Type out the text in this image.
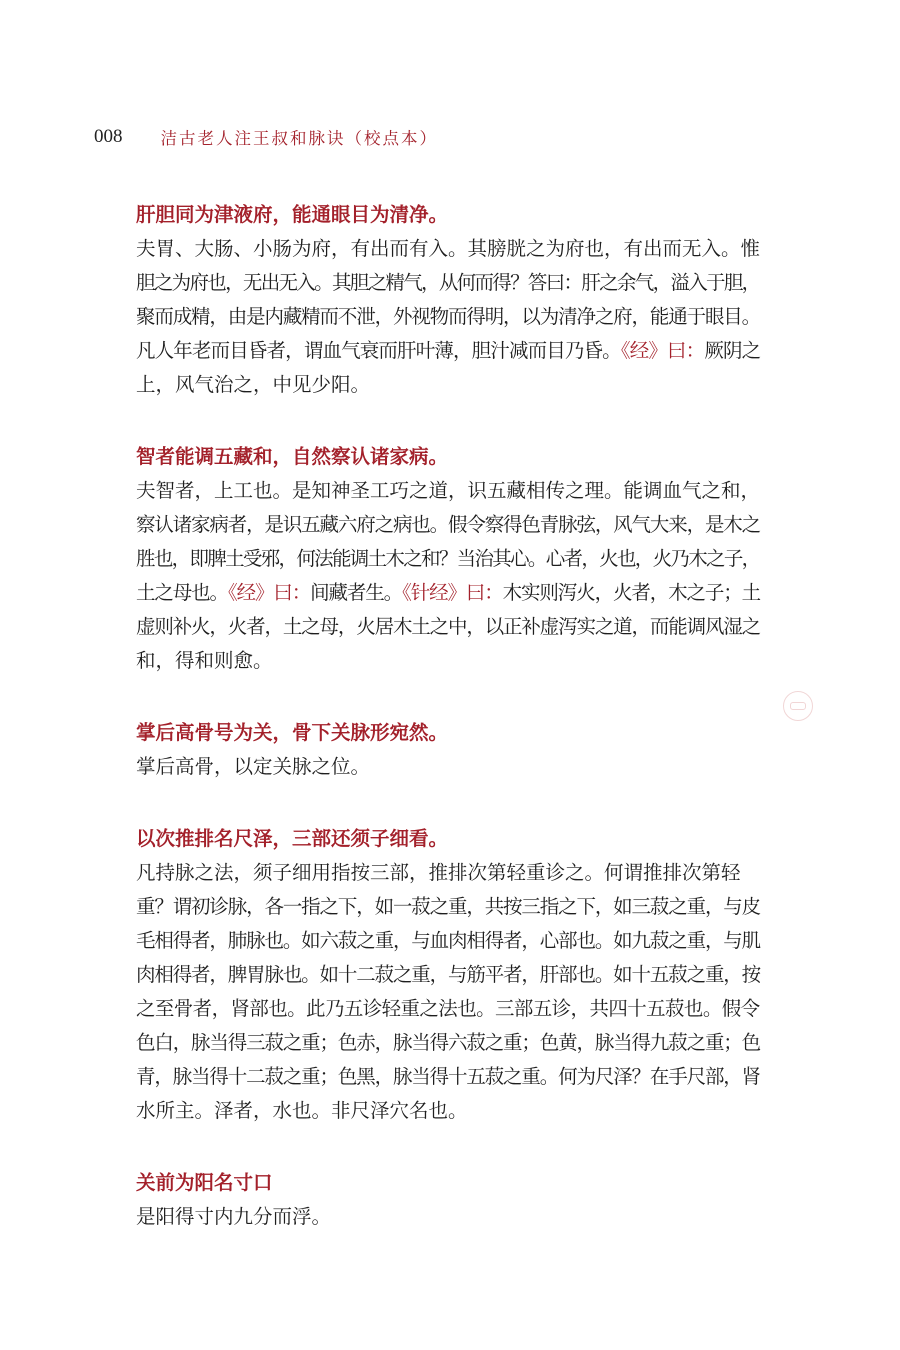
008 洁古老人注王叔和脉诀（校点本）
肝胆同为津液府，能通眼目为清净。
夫胃、大肠、小肠为府，有出而有入。其膀胱之为府也，有出而无入。惟
胆之为府也，无出无入。其胆之精气，从何而得？答曰：肝之余气，溢入于胆，
聚而成精，由是内藏精而不泄，外视物而得明，以为清净之府，能通于眼目。
凡人年老而目昏者，谓血气衰而肝叶薄，胆汁减而目乃昏。《经》曰：厥阴之
上，风气治之，中见少阳。
智者能调五藏和，自然察认诸家病。
夫智者，上工也。是知神圣工巧之道，识五藏相传之理。能调血气之和，
察认诸家病者，是识五藏六府之病也。假令察得色青脉弦，风气大来，是木之
胜也，即脾土受邪，何法能调土木之和？当治其心。心者，火也，火乃木之子，
土之母也。《经》曰：间藏者生。《针经》曰：木实则泻火，火者，木之子；土
虚则补火，火者，土之母，火居木土之中，以正补虚泻实之道，而能调风湿之
和，得和则愈。
掌后高骨号为关，骨下关脉形宛然。
掌后高骨，以定关脉之位。
以次推排名尺泽，三部还须子细看。
凡持脉之法，须子细用指按三部，推排次第轻重诊之。何谓推排次第轻
重？谓初诊脉，各一指之下，如一菽之重，共按三指之下，如三菽之重，与皮
毛相得者，肺脉也。如六菽之重，与血肉相得者，心部也。如九菽之重，与肌
肉相得者，脾胃脉也。如十二菽之重，与筋平者，肝部也。如十五菽之重，按
之至骨者，肾部也。此乃五诊轻重之法也。三部五诊，共四十五菽也。假令
色白，脉当得三菽之重；色赤，脉当得六菽之重；色黄，脉当得九菽之重；色
青，脉当得十二菽之重；色黑，脉当得十五菽之重。何为尺泽？在手尺部，肾
水所主。泽者，水也。非尺泽穴名也。
关前为阳名寸口
是阳得寸内九分而浮。
